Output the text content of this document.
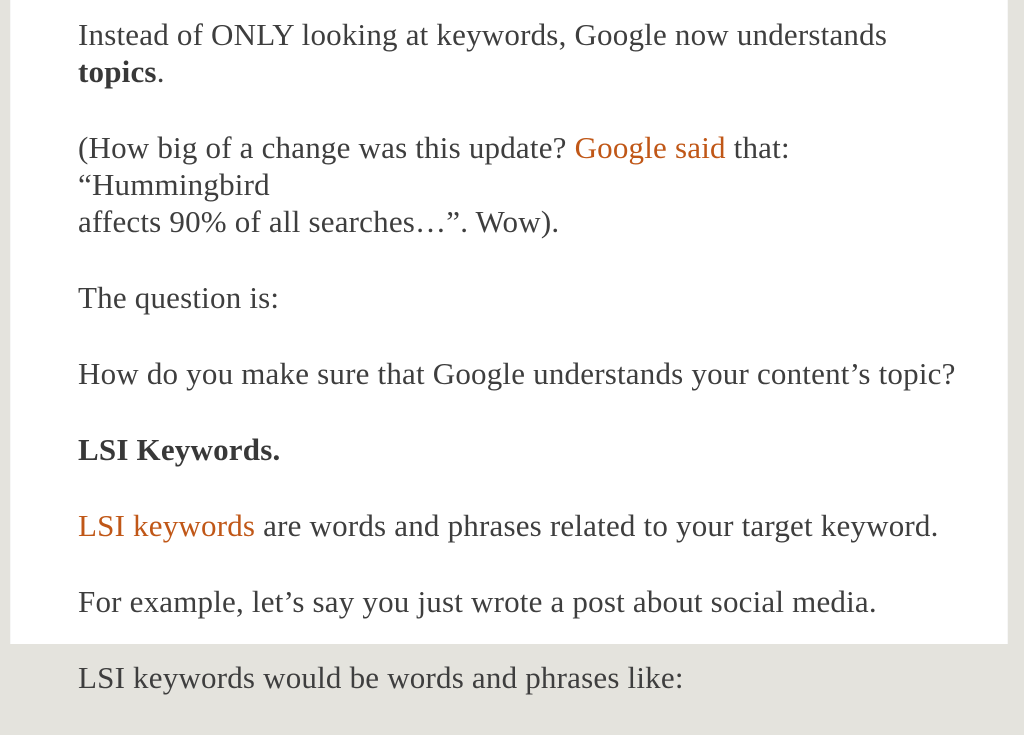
Instead of ONLY looking at keywords, Google now understands topics.

(How big of a change was this update? Google said that: “Hummingbird
affects 90% of all searches…”. Wow).

The question is:

How do you make sure that Google understands your content’s topic?

LSI Keywords.

LSI keywords are words and phrases related to your target keyword.

For example, let’s say you just wrote a post about social media.

LSI keywords would be words and phrases like:
